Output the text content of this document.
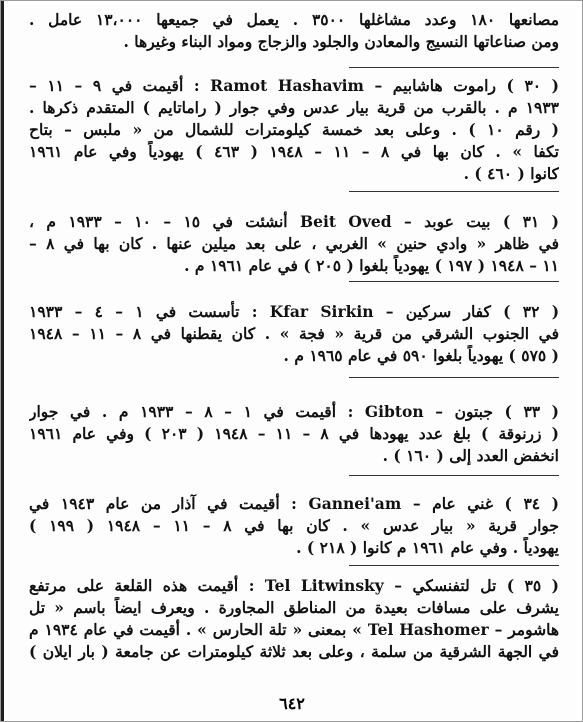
مصانعها ١٨٠ وعدد مشاغلها ٣٥٠٠ . يعمل في جميعها ١٣،٠٠٠ عامل .
ومن صناعاتها النسيج والمعادن والجلود والزجاج ومواد البناء وغيرها .
( ٣٠ ) راموت هاشابيم – Ramot Hashavim : أقيمت في ٩ – ١١ –
١٩٣٣ م . بالقرب من قرية بيار عدس وفي جوار ( راماتايم ) المتقدم ذكرها .
( رقم ١٠ ) . وعلى بعد خمسة كيلومترات للشمال من « ملبس – بتاح
تكفا » . كان بها في ٨ – ١١ – ١٩٤٨ ( ٤٦٣ ) يهودياً وفي عام ١٩٦١
كانوا ( ٤٦٠ ) .
( ٣١ ) بيت عوبد – Beit Oved أنشئت في ١٥ – ١٠ – ١٩٣٣ م ،
في ظاهر « وادي حنين » الغربي ، على بعد ميلين عنها . كان بها في ٨ –
١١ – ١٩٤٨ ( ١٩٧ ) يهودياً بلغوا ( ٢٠٥ ) في عام ١٩٦١ م .
( ٣٢ ) كفار سركين – Kfar Sirkin : تأسست في ١ – ٤ – ١٩٣٣
في الجنوب الشرقي من قرية « فجة » . كان يقطنها في ٨ – ١١ – ١٩٤٨
( ٥٧٥ ) يهودياً بلغوا ٥٩٠ في عام ١٩٦٥ م .
( ٣٣ ) جبتون – Gibton : أقيمت في ١ – ٨ – ١٩٣٣ م . في جوار
( زرنوقة ) بلغ عدد يهودها في ٨ – ١١ – ١٩٤٨ ( ٢٠٣ ) وفي عام ١٩٦١
انخفض العدد إلى ( ١٦٠ ) .
( ٣٤ ) غني عام – Gannei'am : أقيمت في آذار من عام ١٩٤٣ في
جوار قرية « بيار عدس » . كان بها في ٨ – ١١ – ١٩٤٨ ( ١٩٩ )
يهودياً . وفي عام ١٩٦١ م كانوا ( ٢١٨ ) .
( ٣٥ ) تل لتفنسكي – Tel Litwinsky : أقيمت هذه القلعة على مرتفع
يشرف على مسافات بعيدة من المناطق المجاورة . ويعرف ايضاً باسم « تل
هاشومر – Tel Hashomer » بمعنى « تلة الحارس » . أقيمت في عام ١٩٣٤ م
في الجهة الشرقية من سلمة ، وعلى بعد ثلاثة كيلومترات عن جامعة ( بار ايلان )
٦٤٢
